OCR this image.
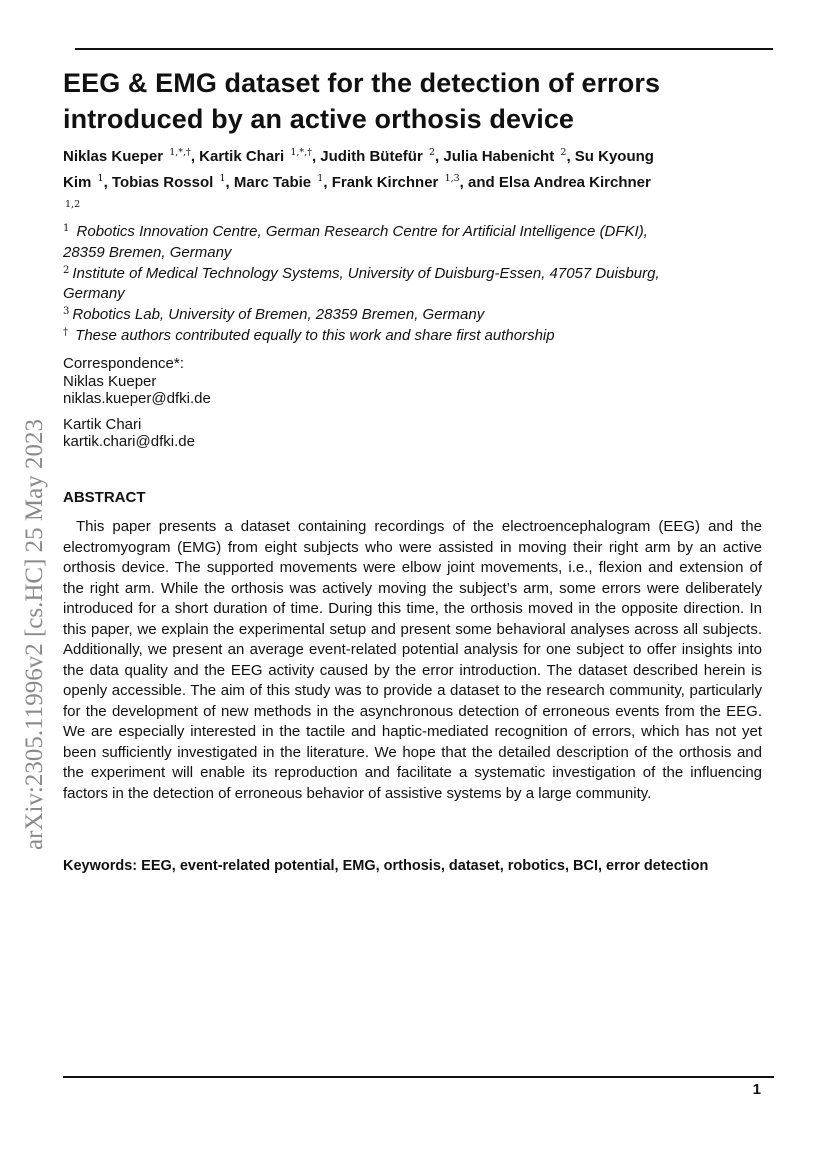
EEG & EMG dataset for the detection of errors introduced by an active orthosis device
Niklas Kueper $^{1,*,\dagger}$, Kartik Chari $^{1,*,\dagger}$, Judith Bütefür $^2$, Julia Habenicht $^2$, Su Kyoung Kim $^1$, Tobias Rossol $^1$, Marc Tabie $^1$, Frank Kirchner $^{1,3}$, and Elsa Andrea Kirchner $^{1,2}$

$^1$ Robotics Innovation Centre, German Research Centre for Artificial Intelligence (DFKI), 28359 Bremen, Germany

$^2$ Institute of Medical Technology Systems, University of Duisburg-Essen, 47057 Duisburg, Germany

$^3$ Robotics Lab, University of Bremen, 28359 Bremen, Germany

† These authors contributed equally to this work and share first authorship

Correspondence*:
Niklas Kueper
niklas.kueper@dfki.de
Kartik Chari
kartik.chari@dfki.de
ABSTRACT

This paper presents a dataset containing recordings of the electroencephalogram (EEG) and the electromyogram (EMG) from eight subjects who were assisted in moving their right arm by an active orthosis device. The supported movements were elbow joint movements, i.e., flexion and extension of the right arm. While the orthosis was actively moving the subject’s arm, some errors were deliberately introduced for a short duration of time. During this time, the orthosis moved in the opposite direction. In this paper, we explain the experimental setup and present some behavioral analyses across all subjects. Additionally, we present an average event-related potential analysis for one subject to offer insights into the data quality and the EEG activity caused by the error introduction. The dataset described herein is openly accessible. The aim of this study was to provide a dataset to the research community, particularly for the development of new methods in the asynchronous detection of erroneous events from the EEG. We are especially interested in the tactile and haptic-mediated recognition of errors, which has not yet been sufficiently investigated in the literature. We hope that the detailed description of the orthosis and the experiment will enable its reproduction and facilitate a systematic investigation of the influencing factors in the detection of erroneous behavior of assistive systems by a large community.

Keywords: EEG, event-related potential, EMG, orthosis, dataset, robotics, BCI, error detection

arXiv:2305.11996v2 [cs.HC] 25 May 2023
1
